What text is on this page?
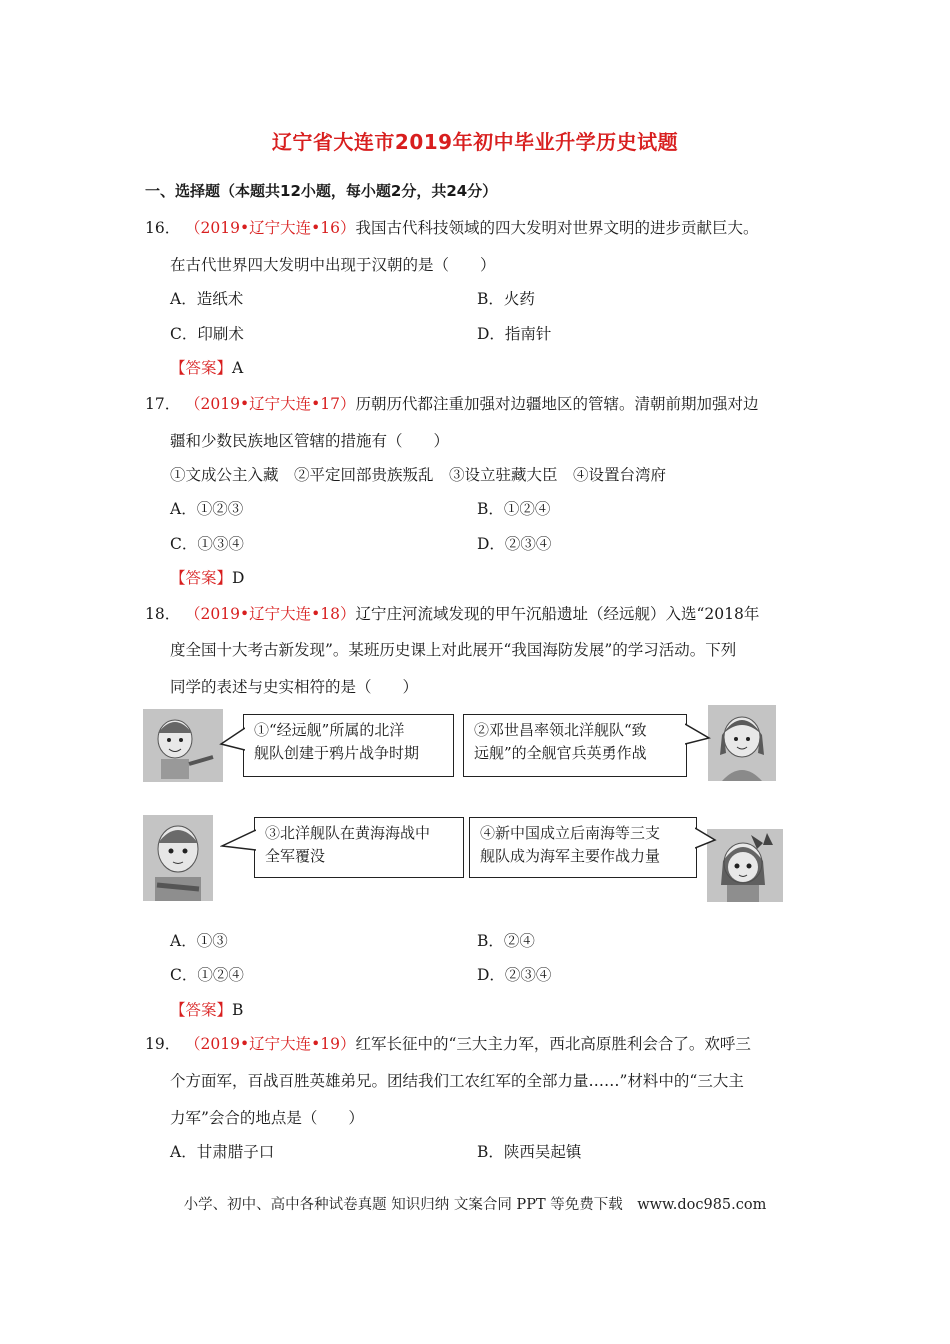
辽宁省大连市2019年初中毕业升学历史试题
一、选择题（本题共12小题，每小题2分，共24分）
16． （2019•辽宁大连•16）我国古代科技领域的四大发明对世界文明的进步贡献巨大。
在古代世界四大发明中出现于汉朝的是（　　）
A．造纸术	B．火药
C．印刷术	D．指南针
【答案】A
17． （2019•辽宁大连•17）历朝历代都注重加强对边疆地区的管辖。清朝前期加强对边
疆和少数民族地区管辖的措施有（　　）
①文成公主入藏　②平定回部贵族叛乱　③设立驻藏大臣　④设置台湾府
A．①②③	B．①②④
C．①③④	D．②③④
【答案】D
18． （2019•辽宁大连•18）辽宁庄河流域发现的甲午沉船遗址（经远舰）入选“2018年
度全国十大考古新发现”。某班历史课上对此展开“我国海防发展”的学习活动。下列
同学的表述与史实相符的是（　　）
①“经远舰”所属的北洋
舰队创建于鸦片战争时期
②邓世昌率领北洋舰队“致
远舰”的全舰官兵英勇作战
③北洋舰队在黄海海战中
全军覆没
④新中国成立后南海等三支
舰队成为海军主要作战力量
A．①③	B．②④
C．①②④	D．②③④
【答案】B
19． （2019•辽宁大连•19）红军长征中的“三大主力军，西北高原胜利会合了。欢呼三
个方面军，百战百胜英雄弟兄。团结我们工农红军的全部力量……”材料中的“三大主
力军”会合的地点是（　　）
A．甘肃腊子口	B．陕西吴起镇
小学、初中、高中各种试卷真题 知识归纳 文案合同 PPT 等免费下载　www.doc985.com
